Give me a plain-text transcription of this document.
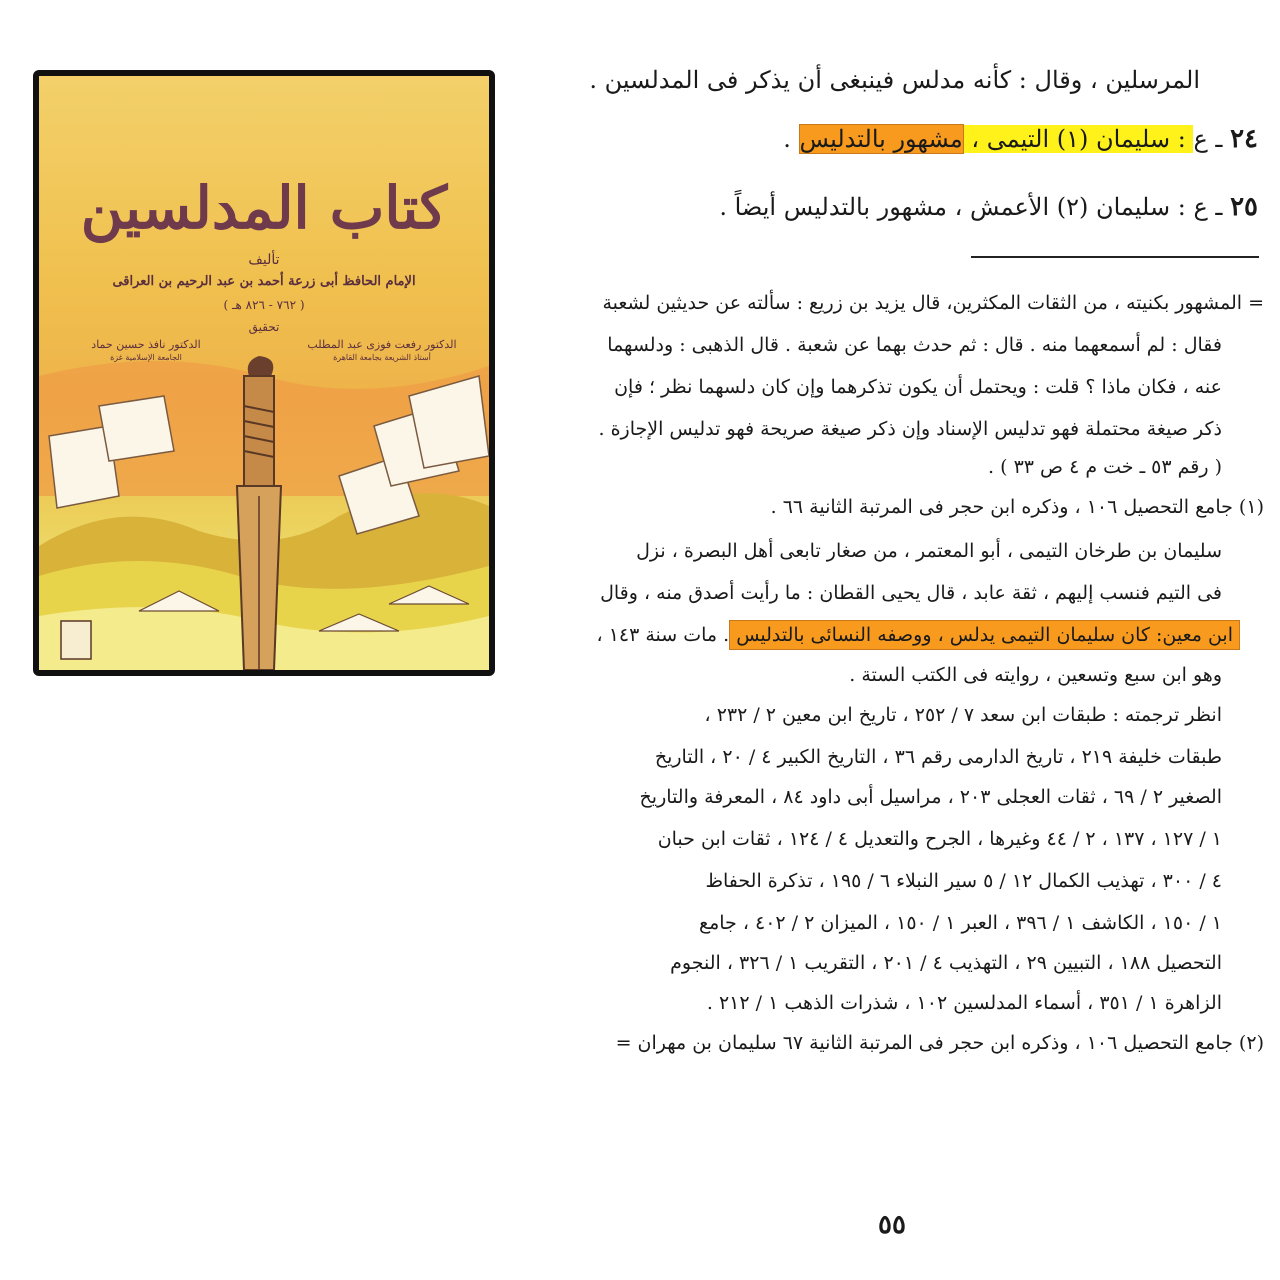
كتاب المدلسين
تأليف
الإمام الحافظ أبى زرعة أحمد بن عبد الرحيم بن العراقى
( ٧٦٢ - ٨٢٦ هـ )
تحقيق
الدكتور رفعت فوزى عبد المطلب
أستاذ الشريعة بجامعة القاهرة
الدكتور نافذ حسين حماد
الجامعة الإسلامية غزة
المرسلين ، وقال : كأنه مدلس فينبغى أن يذكر فى المدلسين .
٢٤ ـ ع : سليمان (١) التيمى ، مشهور بالتدليس .
٢٥ ـ ع : سليمان (٢) الأعمش ، مشهور بالتدليس أيضاً .
= المشهور بكنيته ، من الثقات المكثرين، قال يزيد بن زريع : سألته عن حديثين لشعبة
فقال : لم أسمعهما منه . قال : ثم حدث بهما عن شعبة . قال الذهبى : ودلسهما
عنه ، فكان ماذا ؟ قلت : ويحتمل أن يكون تذكرهما وإن كان دلسهما نظر ؛ فإن
ذكر صيغة محتملة فهو تدليس الإسناد وإن ذكر صيغة صريحة فهو تدليس الإجازة .
( رقم ٥٣ ـ خت م ٤ ص ٣٣ ) .
(١) جامع التحصيل ١٠٦ ، وذكره ابن حجر فى المرتبة الثانية ٦٦ .
سليمان بن طرخان التيمى ، أبو المعتمر ، من صغار تابعى أهل البصرة ، نزل
فى التيم فنسب إليهم ، ثقة عابد ، قال يحيى القطان : ما رأيت أصدق منه ، وقال
ابن معين: كان سليمان التيمى يدلس ، ووصفه النسائى بالتدليس. مات سنة ١٤٣ ،
وهو ابن سبع وتسعين ، روايته فى الكتب الستة .
انظر ترجمته : طبقات ابن سعد ٧ / ٢٥٢ ، تاريخ ابن معين ٢ / ٢٣٢ ،
طبقات خليفة ٢١٩ ، تاريخ الدارمى رقم ٣٦ ، التاريخ الكبير ٤ / ٢٠ ، التاريخ
الصغير ٢ / ٦٩ ، ثقات العجلى ٢٠٣ ، مراسيل أبى داود ٨٤ ، المعرفة والتاريخ
١ / ١٢٧ ، ١٣٧ ، ٢ / ٤٤ وغيرها ، الجرح والتعديل ٤ / ١٢٤ ، ثقات ابن حبان
٤ / ٣٠٠ ، تهذيب الكمال ١٢ / ٥ سير النبلاء ٦ / ١٩٥ ، تذكرة الحفاظ
١ / ١٥٠ ، الكاشف ١ / ٣٩٦ ، العبر ١ / ١٥٠ ، الميزان ٢ / ٤٠٢ ، جامع
التحصيل ١٨٨ ، التبيين ٢٩ ، التهذيب ٤ / ٢٠١ ، التقريب ١ / ٣٢٦ ، النجوم
الزاهرة ١ / ٣٥١ ، أسماء المدلسين ١٠٢ ، شذرات الذهب ١ / ٢١٢ .
(٢) جامع التحصيل ١٠٦ ، وذكره ابن حجر فى المرتبة الثانية ٦٧ سليمان بن مهران =
٥٥
